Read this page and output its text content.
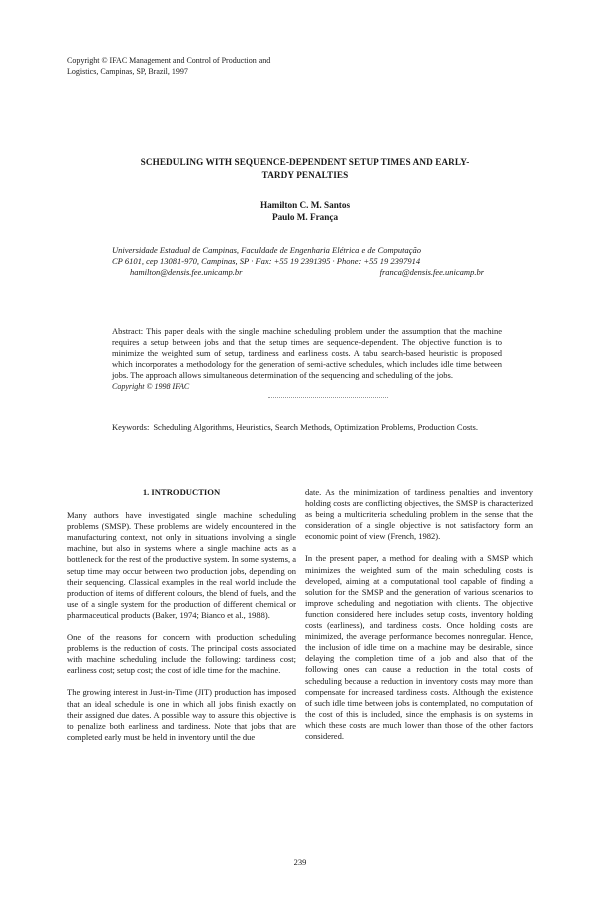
Copyright © IFAC Management and Control of Production and
Logistics, Campinas, SP, Brazil, 1997
SCHEDULING WITH SEQUENCE-DEPENDENT SETUP TIMES AND EARLY-
TARDY PENALTIES
Hamilton C. M. Santos
Paulo M. França
Universidade Estadual de Campinas, Faculdade de Engenharia Elétrica e de Computação
CP 6101, cep 13081-970, Campinas, SP · Fax: +55 19 2391395 · Phone: +55 19 2397914
hamilton@densis.fee.unicamp.br	franca@densis.fee.unicamp.br
Abstract: This paper deals with the single machine scheduling problem under the assumption that the machine requires a setup between jobs and that the setup times are sequence-dependent. The objective function is to minimize the weighted sum of setup, tardiness and earliness costs. A tabu search-based heuristic is proposed which incorporates a methodology for the generation of semi-active schedules, which includes idle time between jobs. The approach allows simultaneous determination of the sequencing and scheduling of the jobs.
Copyright © 1998 IFAC
Keywords: Scheduling Algorithms, Heuristics, Search Methods, Optimization Problems, Production Costs.
1. INTRODUCTION

Many authors have investigated single machine scheduling problems (SMSP). These problems are widely encountered in the manufacturing context, not only in situations involving a single machine, but also in systems where a single machine acts as a bottleneck for the rest of the productive system. In some systems, a setup time may occur between two production jobs, depending on their sequencing. Classical examples in the real world include the production of items of different colours, the blend of fuels, and the use of a single system for the production of different chemical or pharmaceutical products (Baker, 1974; Bianco et al., 1988).

One of the reasons for concern with production scheduling problems is the reduction of costs. The principal costs associated with machine scheduling include the following: tardiness cost; earliness cost; setup cost; the cost of idle time for the machine.

The growing interest in Just-in-Time (JIT) production has imposed that an ideal schedule is one in which all jobs finish exactly on their assigned due dates. A possible way to assure this objective is to penalize both earliness and tardiness. Note that jobs that are completed early must be held in inventory until the due

date. As the minimization of tardiness penalties and inventory holding costs are conflicting objectives, the SMSP is characterized as being a multicriteria scheduling problem in the sense that the consideration of a single objective is not satisfactory form an economic point of view (French, 1982).

In the present paper, a method for dealing with a SMSP which minimizes the weighted sum of the main scheduling costs is developed, aiming at a computational tool capable of finding a solution for the SMSP and the generation of various scenarios to improve scheduling and negotiation with clients. The objective function considered here includes setup costs, inventory holding costs (earliness), and tardiness costs. Once holding costs are minimized, the average performance becomes nonregular. Hence, the inclusion of idle time on a machine may be desirable, since delaying the completion time of a job and also that of the following ones can cause a reduction in the total costs of scheduling because a reduction in inventory costs may more than compensate for increased tardiness costs. Although the existence of such idle time between jobs is contemplated, no computation of the cost of this is included, since the emphasis is on systems in which these costs are much lower than those of the other factors considered.

239
